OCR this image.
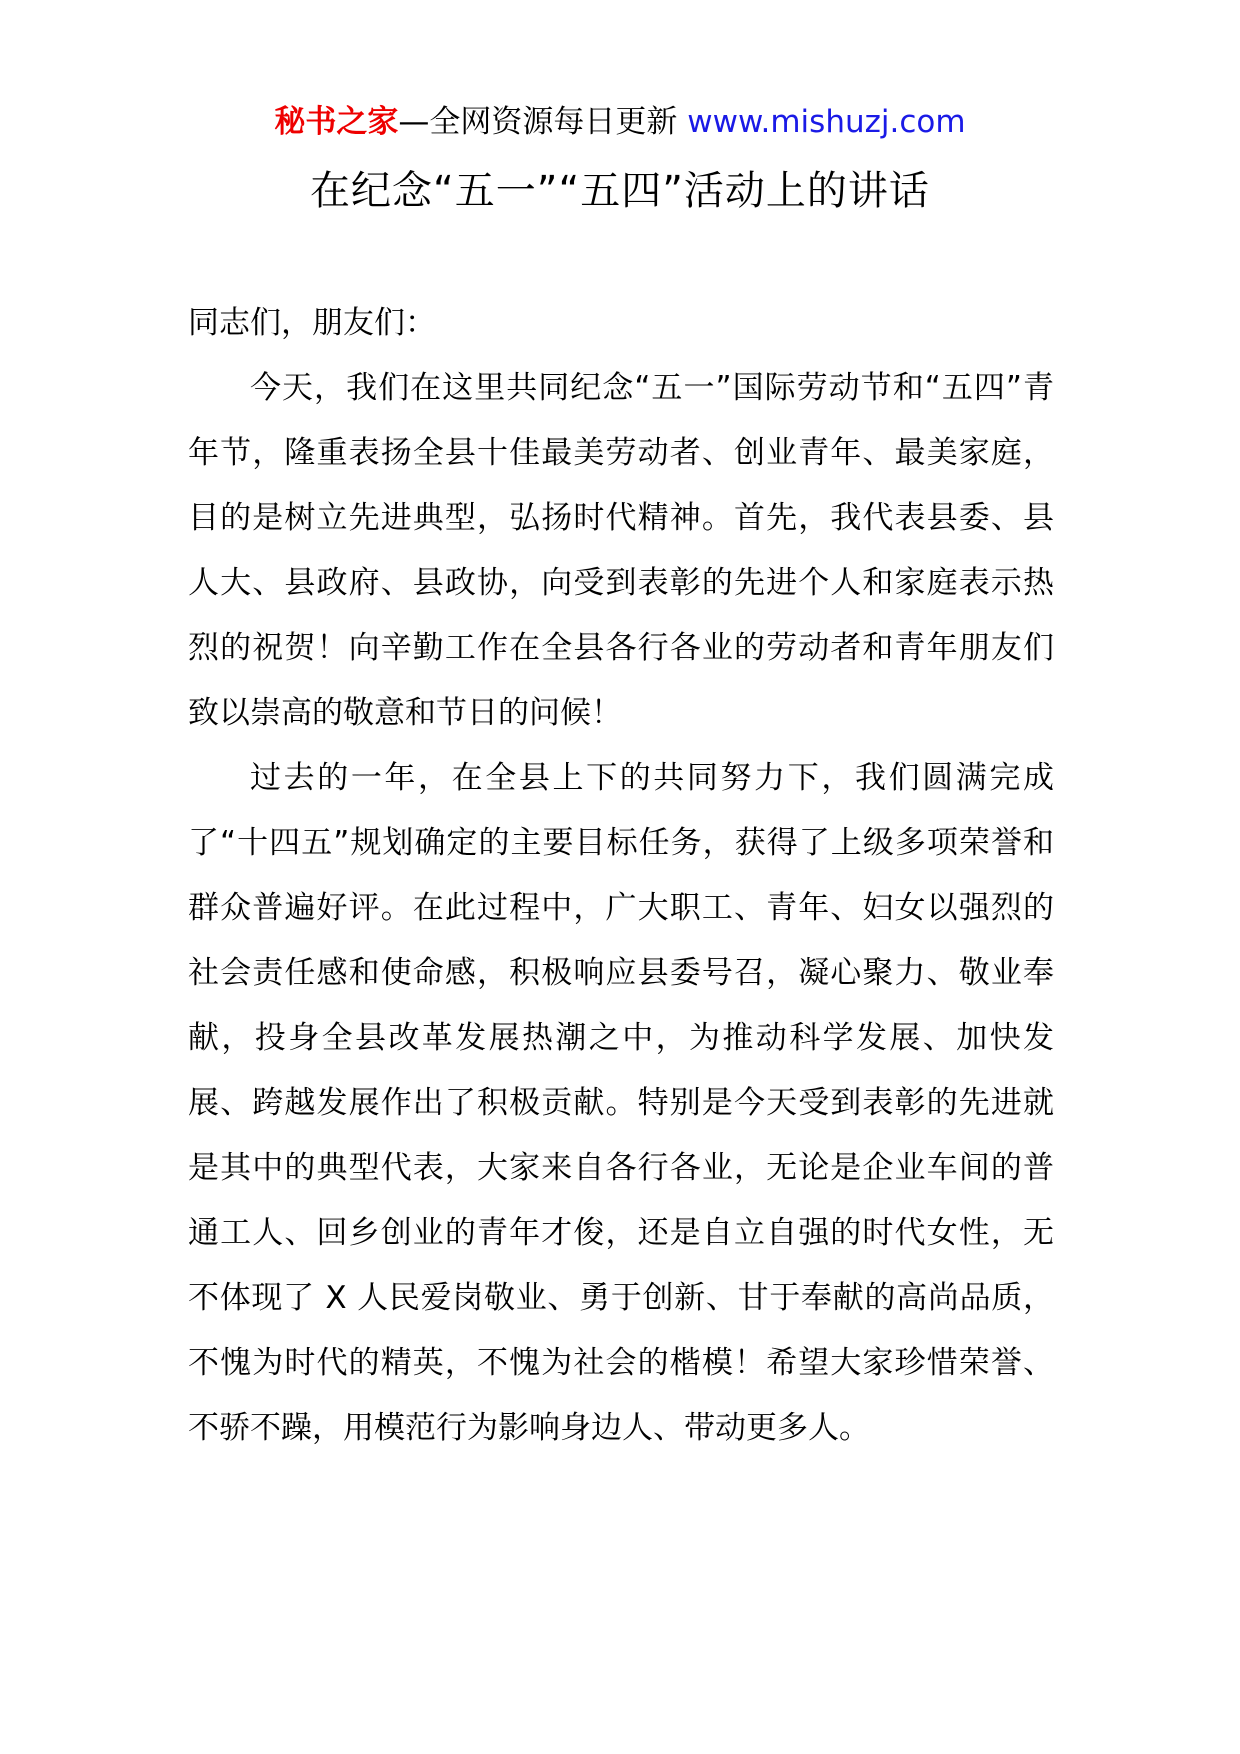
秘书之家—全网资源每日更新 www.mishuzj.com
在纪念“五一”“五四”活动上的讲话

同志们，朋友们：

今天，我们在这里共同纪念“五一”国际劳动节和“五四”青年节，隆重表扬全县十佳最美劳动者、创业青年、最美家庭，目的是树立先进典型，弘扬时代精神。首先，我代表县委、县人大、县政府、县政协，向受到表彰的先进个人和家庭表示热烈的祝贺！向辛勤工作在全县各行各业的劳动者和青年朋友们致以崇高的敬意和节日的问候！

过去的一年，在全县上下的共同努力下，我们圆满完成了“十四五”规划确定的主要目标任务，获得了上级多项荣誉和群众普遍好评。在此过程中，广大职工、青年、妇女以强烈的社会责任感和使命感，积极响应县委号召，凝心聚力、敬业奉献，投身全县改革发展热潮之中，为推动科学发展、加快发展、跨越发展作出了积极贡献。特别是今天受到表彰的先进就是其中的典型代表，大家来自各行各业，无论是企业车间的普通工人、回乡创业的青年才俊，还是自立自强的时代女性，无不体现了 X 人民爱岗敬业、勇于创新、甘于奉献的高尚品质，不愧为时代的精英，不愧为社会的楷模！希望大家珍惜荣誉、不骄不躁，用模范行为影响身边人、带动更多人。
